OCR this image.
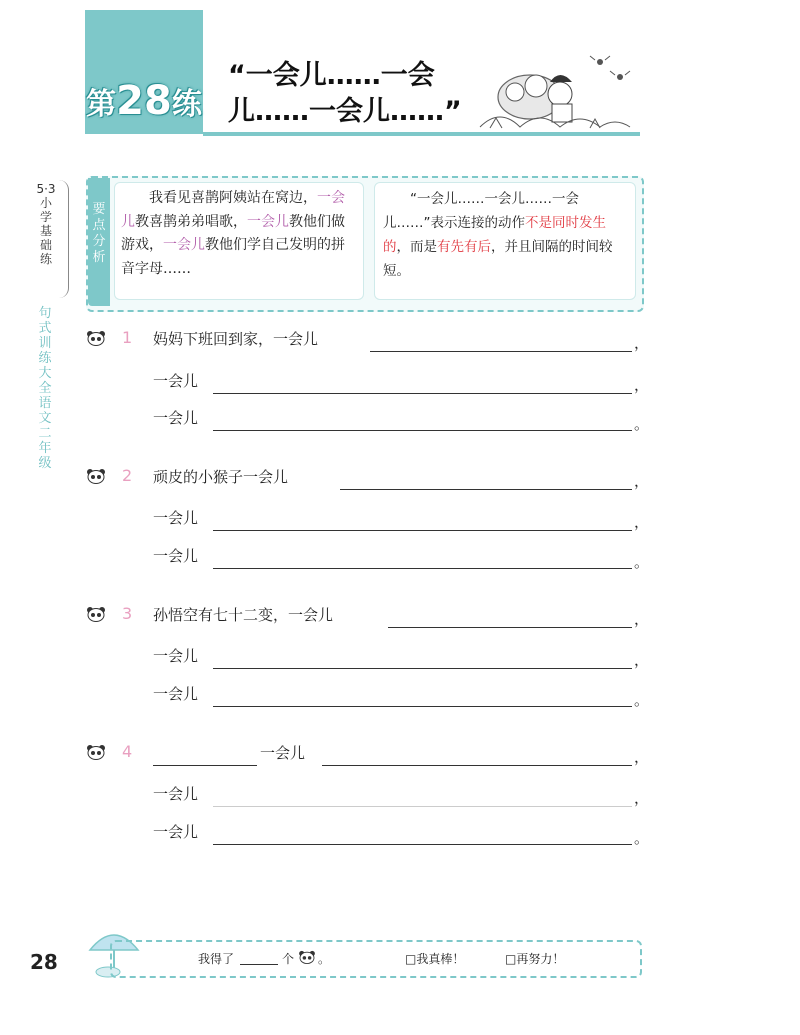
第28练
“一会儿……一会
儿……一会儿……”
5·3小学基础练
句式训练大全 语文 二年级
要点分析
  我看见喜鹊阿姨站在窝边，一会儿教喜鹊弟弟唱歌，一会儿教他们做游戏，一会儿教他们学自己发明的拼音字母……
  “一会儿……一会儿……一会儿……”表示连接的动作不是同时发生的，而是有先有后，并且间隔的时间较短。
1 妈妈下班回到家，一会儿	，
一会儿	，
一会儿	。
2 顽皮的小猴子一会儿	，
一会儿	，
一会儿	。
3 孙悟空有七十二变，一会儿	，
一会儿	，
一会儿	。
4	一会儿	，
一会儿	，
一会儿	。
28	我得了	个 。	□我真棒！	□再努力！
